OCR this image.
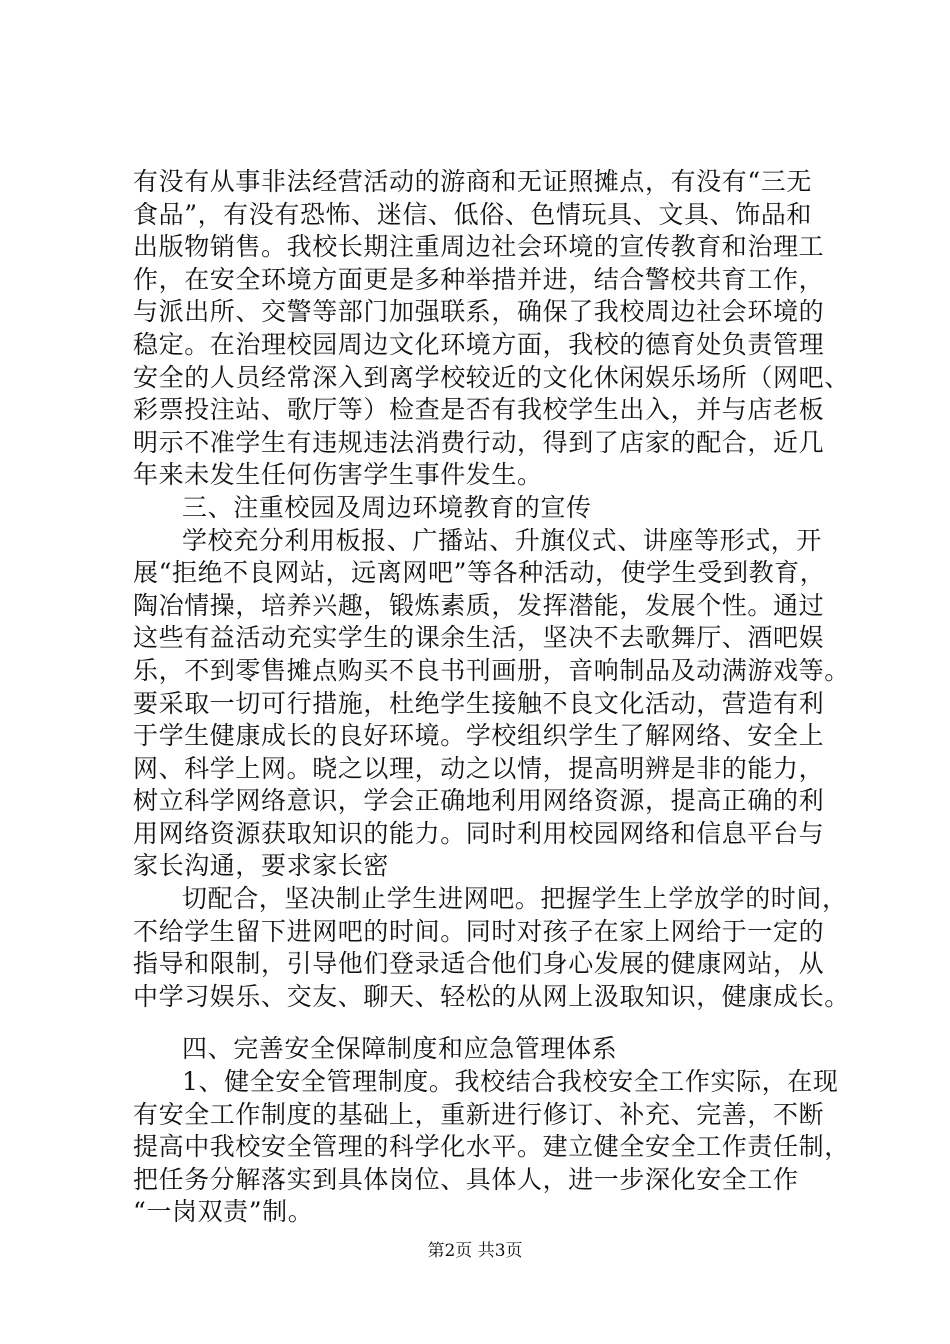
有没有从事非法经营活动的游商和无证照摊点，有没有“三无
食品”，有没有恐怖、迷信、低俗、色情玩具、文具、饰品和
出版物销售。我校长期注重周边社会环境的宣传教育和治理工
作，在安全环境方面更是多种举措并进，结合警校共育工作，
与派出所、交警等部门加强联系，确保了我校周边社会环境的
稳定。在治理校园周边文化环境方面，我校的德育处负责管理
安全的人员经常深入到离学校较近的文化休闲娱乐场所（网吧、
彩票投注站、歌厅等）检查是否有我校学生出入，并与店老板
明示不准学生有违规违法消费行动，得到了店家的配合，近几
年来未发生任何伤害学生事件发生。
三、注重校园及周边环境教育的宣传
学校充分利用板报、广播站、升旗仪式、讲座等形式，开
展“拒绝不良网站，远离网吧”等各种活动，使学生受到教育，
陶冶情操，培养兴趣，锻炼素质，发挥潜能，发展个性。通过
这些有益活动充实学生的课余生活，坚决不去歌舞厅、酒吧娱
乐，不到零售摊点购买不良书刊画册，音响制品及动满游戏等。
要采取一切可行措施，杜绝学生接触不良文化活动，营造有利
于学生健康成长的良好环境。学校组织学生了解网络、安全上
网、科学上网。晓之以理，动之以情，提高明辨是非的能力，
树立科学网络意识，学会正确地利用网络资源，提高正确的利
用网络资源获取知识的能力。同时利用校园网络和信息平台与
家长沟通，要求家长密
切配合，坚决制止学生进网吧。把握学生上学放学的时间，
不给学生留下进网吧的时间。同时对孩子在家上网给于一定的
指导和限制，引导他们登录适合他们身心发展的健康网站，从
中学习娱乐、交友、聊天、轻松的从网上汲取知识，健康成长。
四、完善安全保障制度和应急管理体系
1、健全安全管理制度。我校结合我校安全工作实际，在现
有安全工作制度的基础上，重新进行修订、补充、完善，不断
提高中我校安全管理的科学化水平。建立健全安全工作责任制，
把任务分解落实到具体岗位、具体人，进一步深化安全工作
“一岗双责”制。
第2页 共3页
